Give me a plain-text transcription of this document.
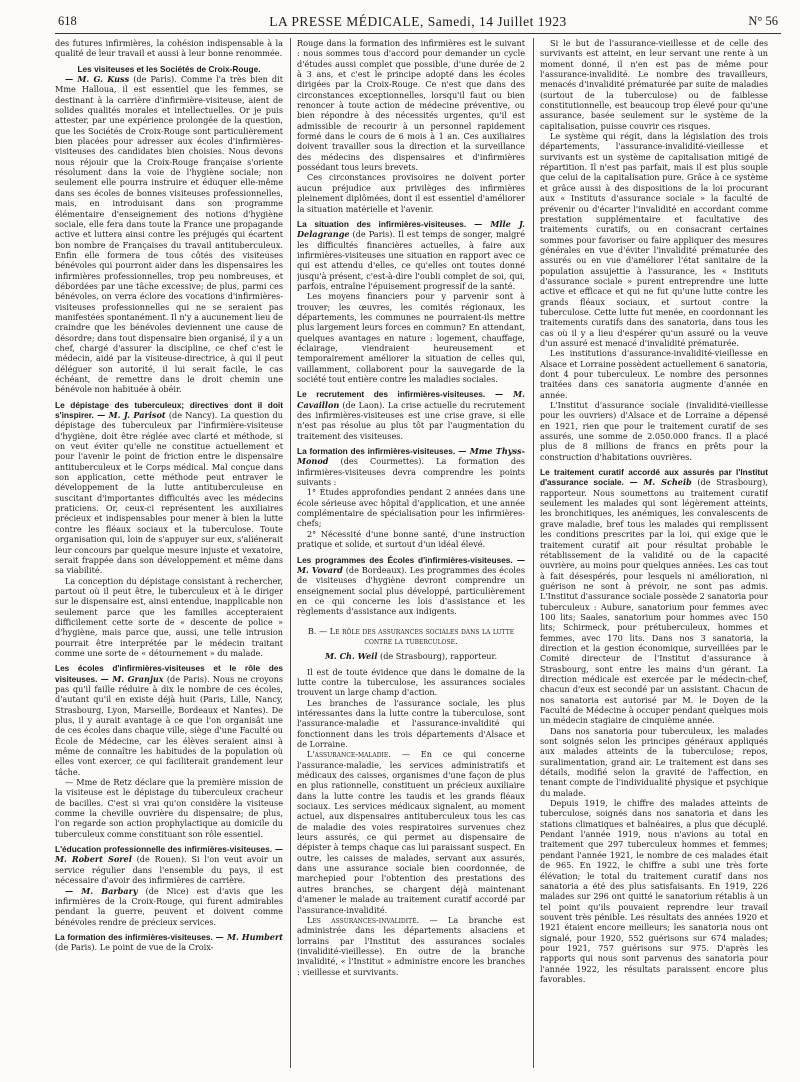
618	LA PRESSE MÉDICALE, Samedi, 14 Juillet 1923	N° 56

des futures infirmières, la cohésion indispensable à la qualité de leur travail et aussi à leur bonne renommée.

Les visiteuses et les Sociétés de Croix-Rouge.

— M. G. Kuss (de Paris). Comme l'a très bien dit Mme Halloua, il est essentiel que les femmes, se destinant à la carrière d'infirmière-visiteuse, aient de solides qualités morales et intellectuelles. Or je puis attester, par une expérience prolongée de la question, que les Sociétés de Croix-Rouge sont particulièrement bien placées pour adresser aux écoles d'infirmières-visiteuses des candidates bien choisies. Nous devons nous réjouir que la Croix-Rouge française s'oriente résolument dans la voie de l'hygiène sociale; non seulement elle pourra instruire et éduquer elle-même dans ses écoles de bonnes visiteuses professionnelles, mais, en introduisant dans son programme élémentaire d'enseignement des notions d'hygiène sociale, elle fera dans toute la France une propagande active et luttera ainsi contre les préjugés qui écartent bon nombre de Françaises du travail antituberculeux. Enfin elle formera de tous côtés des visiteuses bénévoles qui pourront aider dans les dispensaires les infirmières professionnelles, trop peu nombreuses, et débordées par une tâche excessive; de plus, parmi ces bénévoles, on verra éclore des vocations d'infirmières-visiteuses professionnelles qui ne se seraient pas manifestées spontanément. Il n'y a aucunement lieu de craindre que les bénévoles deviennent une cause de désordre; dans tout dispensaire bien organisé, il y a un chef, chargé d'assurer la discipline, ce chef c'est le médecin, aidé par la visiteuse-directrice, à qui il peut déléguer son autorité, il lui serait facile, le cas échéant, de remettre dans le droit chemin une bénévole non habituée à obéir.

Le dépistage des tuberculeux; directives dont il doit s'inspirer. — M. J. Parisot (de Nancy). La question du dépistage des tuberculeux par l'infirmière-visiteuse d'hygiène, doit être réglée avec clarté et méthode, si on veut éviter qu'elle ne constitue actuellement et pour l'avenir le point de friction entre le dispensaire antituberculeux et le Corps médical. Mal conçue dans son application, cette méthode peut entraver le développement de la lutte antituberculeuse en suscitant d'importantes difficultés avec les médecins praticiens. Or, ceux-ci représentent les auxiliaires précieux et indispensables pour mener à bien la lutte contre les fléaux sociaux et la tuberculose. Toute organisation qui, loin de s'appuyer sur eux, s'aliénerait leur concours par quelque mesure injuste et vexatoire, serait frappée dans son développement et même dans sa viabilité.

La conception du dépistage consistant à rechercher, partout où il peut être, le tuberculeux et à le diriger sur le dispensaire est, ainsi entendue, inapplicable non seulement parce que les familles accepteraient difficilement cette sorte de « descente de police » d'hygiène, mais parce que, aussi, une telle intrusion pourrait être interprétée par le médecin traitant comme une sorte de « détournement » du malade.

Les écoles d'infirmières-visiteuses et le rôle des visiteuses. — M. Granjux (de Paris). Nous ne croyons pas qu'il faille réduire à dix le nombre de ces écoles, d'autant qu'il en existe déjà huit (Paris, Lille, Nancy, Strasbourg, Lyon, Marseille, Bordeaux et Nantes). De plus, il y aurait avantage à ce que l'on organisât une de ces écoles dans chaque ville, siège d'une Faculté ou École de Médecine, car les élèves seraient ainsi à même de connaître les habitudes de la population où elles vont exercer, ce qui faciliterait grandement leur tâche.

— Mme de Retz déclare que la première mission de la visiteuse est le dépistage du tuberculeux cracheur de bacilles. C'est si vrai qu'on considère la visiteuse comme la cheville ouvrière du dispensaire; de plus, l'on regarde son action prophylactique au domicile du tuberculeux comme constituant son rôle essentiel.

L'éducation professionnelle des infirmières-visiteuses. — M. Robert Sorel (de Rouen). Si l'on veut avoir un service régulier dans l'ensemble du pays, il est nécessaire d'avoir des infirmières de carrière.

— M. Barbary (de Nice) est d'avis que les infirmières de la Croix-Rouge, qui furent admirables pendant la guerre, peuvent et doivent comme bénévoles rendre de précieux services.

La formation des infirmières-visiteuses. — M. Humbert (de Paris). Le point de vue de la Croix-

Rouge dans la formation des infirmières est le suivant : nous sommes tous d'accord pour demander un cycle d'études aussi complet que possible, d'une durée de 2 à 3 ans, et c'est le principe adopté dans les écoles dirigées par la Croix-Rouge. Ce n'est que dans des circonstances exceptionnelles, lorsqu'il faut ou bien renoncer à toute action de médecine préventive, ou bien répondre à des nécessités urgentes, qu'il est admissible de recourir à un personnel rapidement formé dans le cours de 6 mois à 1 an. Ces auxiliaires doivent travailler sous la direction et la surveillance des médecins des dispensaires et d'infirmières possédant tous leurs brevets.

Ces circonstances provisoires ne doivent porter aucun préjudice aux privilèges des infirmières pleinement diplômées, dont il est essentiel d'améliorer la situation matérielle et l'avenir.

La situation des infirmières-visiteuses. — Mlle J. Delagrange (de Paris). Il est temps de songer, malgré les difficultés financières actuelles, à faire aux infirmières-visiteuses une situation en rapport avec ce qui est attendu d'elles, ce qu'elles ont toutes donné jusqu'à présent, c'est-à-dire l'oubli complet de soi, qui, parfois, entraîne l'épuisement progressif de la santé.

Les moyens financiers pour y parvenir sont à trouver; les œuvres, les comités régionaux, les départements, les communes ne pourraient-ils mettre plus largement leurs forces en commun? En attendant, quelques avantages en nature : logement, chauffage, éclairage, viendraient heureusement et temporairement améliorer la situation de celles qui, vaillamment, collaborent pour la sauvegarde de la société tout entière contre les maladies sociales.

Le recrutement des infirmières-visiteuses. — M. Cavaillon (de Laon). La crise actuelle du recrutement des infirmières-visiteuses est une crise grave, si elle n'est pas résolue au plus tôt par l'augmentation du traitement des visiteuses.

La formation des infirmières-visiteuses. — Mme Thyss-Monod (des Courmettes). La formation des infirmières-visiteuses devra comprendre les points suivants :

1° Études approfondies pendant 2 années dans une école sérieuse avec hôpital d'application, et une année complémentaire de spécialisation pour les infirmières-chefs;

2° Nécessité d'une bonne santé, d'une instruction pratique et solide, et surtout d'un idéal élevé.

Les programmes des Écoles d'infirmières-visiteuses. — M. Vovard (de Bordeaux). Les programmes des écoles de visiteuses d'hygiène devront comprendre un enseignement social plus développé, particulièrement en ce qui concerne les lois d'assistance et les règlements d'assistance aux indigents.

B. — Le rôle des assurances sociales dans la lutte contre la tuberculose.

M. Ch. Weil (de Strasbourg), rapporteur.

Il est de toute évidence que dans le domaine de la lutte contre la tuberculose, les assurances sociales trouvent un large champ d'action.

Les branches de l'assurance sociale, les plus intéressantes dans la lutte contre la tuberculose, sont l'assurance-maladie et l'assurance-invalidité qui fonctionnent dans les trois départements d'Alsace et de Lorraine.

L'assurance-maladie. — En ce qui concerne l'assurance-maladie, les services administratifs et médicaux des caisses, organismes d'une façon de plus en plus rationnelle, constituent un précieux auxiliaire dans la lutte contre les taudis et les grands fléaux sociaux. Les services médicaux signalent, au moment actuel, aux dispensaires antituberculeux tous les cas de maladie des voies respiratoires survenues chez leurs assurés, ce qui permet au dispensaire de dépister à temps chaque cas lui paraissant suspect. En outre, les caisses de malades, servant aux assurés, dans une assurance sociale bien coordonnée, de marchepied pour l'obtention des prestations des autres branches, se chargent déjà maintenant d'amener le malade au traitement curatif accordé par l'assurance-invalidité.

Les assurances-invalidité. — La branche est administrée dans les départements alsaciens et lorrains par l'Institut des assurances sociales (invalidité-vieillesse). En outre de la branche invalidité, « l'Institut » administre encore les branches : vieillesse et survivants.

Si le but de l'assurance-vieillesse et de celle des survivants est atteint, en leur servant une rente à un moment donné, il n'en est pas de même pour l'assurance-invalidité. Le nombre des travailleurs, menacés d'invalidité prématurée par suite de maladies (surtout de la tuberculose) ou de faiblesse constitutionnelle, est beaucoup trop élevé pour qu'une assurance, basée seulement sur le système de la capitalisation, puisse couvrir ces risques.

Le système qui régit, dans la législation des trois départements, l'assurance-invalidité-vieillesse et survivants est un système de capitalisation mitigé de répartition. Il n'est pas parfait, mais il est plus souple que celui de la capitalisation pure. Grâce à ce système et grâce aussi à des dispositions de la loi procurant aux « Instituts d'assurance sociale » la faculté de prévenir ou d'écarter l'invalidité en accordant comme prestation supplémentaire et facultative des traitements curatifs, ou en consacrant certaines sommes pour favoriser ou faire appliquer des mesures générales en vue d'éviter l'invalidité prématurée des assurés ou en vue d'améliorer l'état sanitaire de la population assujettie à l'assurance, les « Instituts d'assurance sociale » purent entreprendre une lutte active et efficace et qui ne fut qu'une lutte contre les grands fléaux sociaux, et surtout contre la tuberculose. Cette lutte fut menée, en coordonnant les traitements curatifs dans des sanatoria, dans tous les cas où il y a lieu d'espérer qu'un assuré ou la veuve d'un assuré est menacé d'invalidité prématurée.

Les institutions d'assurance-invalidité-vieillesse en Alsace et Lorraine possèdent actuellement 6 sanatoria, dont 4 pour tuberculeux. Le nombre des personnes traitées dans ces sanatoria augmente d'année en année.

L'Institut d'assurance sociale (invalidité-vieillesse pour les ouvriers) d'Alsace et de Lorraine a dépensé en 1921, rien que pour le traitement curatif de ses assurés, une somme de 2.050.000 francs. Il a placé plus de 8 millions de francs en prêts pour la construction d'habitations ouvrières.

Le traitement curatif accordé aux assurés par l'Institut d'assurance sociale. — M. Scheib (de Strasbourg), rapporteur. Nous soumettons au traitement curatif seulement les malades qui sont légèrement atteints, les bronchitiques, les anémiques, les convalescents de grave maladie, bref tous les malades qui remplissent les conditions prescrites par la loi, qui exige que le traitement curatif ait pour résultat probable le rétablissement de la validité ou de la capacité ouvrière, au moins pour quelques années. Les cas tout à fait désespérés, pour lesquels ni amélioration, ni guérison ne sont à prévoir, ne sont pas admis. L'Institut d'assurance sociale possède 2 sanatoria pour tuberculeux : Aubure, sanatorium pour femmes avec 100 lits; Saales, sanatorium pour hommes avec 150 lits; Schirmeck, pour prétuberculeux, hommes et femmes, avec 170 lits. Dans nos 3 sanatoria, la direction et la gestion économique, surveillées par le Comité directeur de l'Institut d'assurance à Strasbourg, sont entre les mains d'un gérant. La direction médicale est exercée par le médecin-chef, chacun d'eux est secondé par un assistant. Chacun de nos sanatoria est autorisé par M. le Doyen de la Faculté de Médecine à occuper pendant quelques mois un médecin stagiaire de cinquième année.

Dans nos sanatoria pour tuberculeux, les malades sont soignés selon les principes généraux appliqués aux malades atteints de la tuberculose; repos, suralimentation, grand air. Le traitement est dans ses détails, modifié selon la gravité de l'affection, en tenant compte de l'individualité physique et psychique du malade.

Depuis 1919, le chiffre des malades atteints de tuberculose, soignés dans nos sanatoria et dans les stations climatiques et balnéaires, a plus que décuplé. Pendant l'année 1919, nous n'avions au total en traitement que 297 tuberculeux hommes et femmes; pendant l'année 1921, le nombre de ces malades était de 965. En 1922, le chiffre a subi une très forte élévation; le total du traitement curatif dans nos sanatoria a été des plus satisfaisants. En 1919, 226 malades sur 296 ont quitté le sanatorium rétablis à un tel point qu'ils pouvaient reprendre leur travail souvent très pénible. Les résultats des années 1920 et 1921 étaient encore meilleurs; les sanatoria nous ont signalé, pour 1920, 552 guérisons sur 674 malades; pour 1921, 757 guérisons sur 975. D'après les rapports qui nous sont parvenus des sanatoria pour l'année 1922, les résultats paraissent encore plus favorables.
